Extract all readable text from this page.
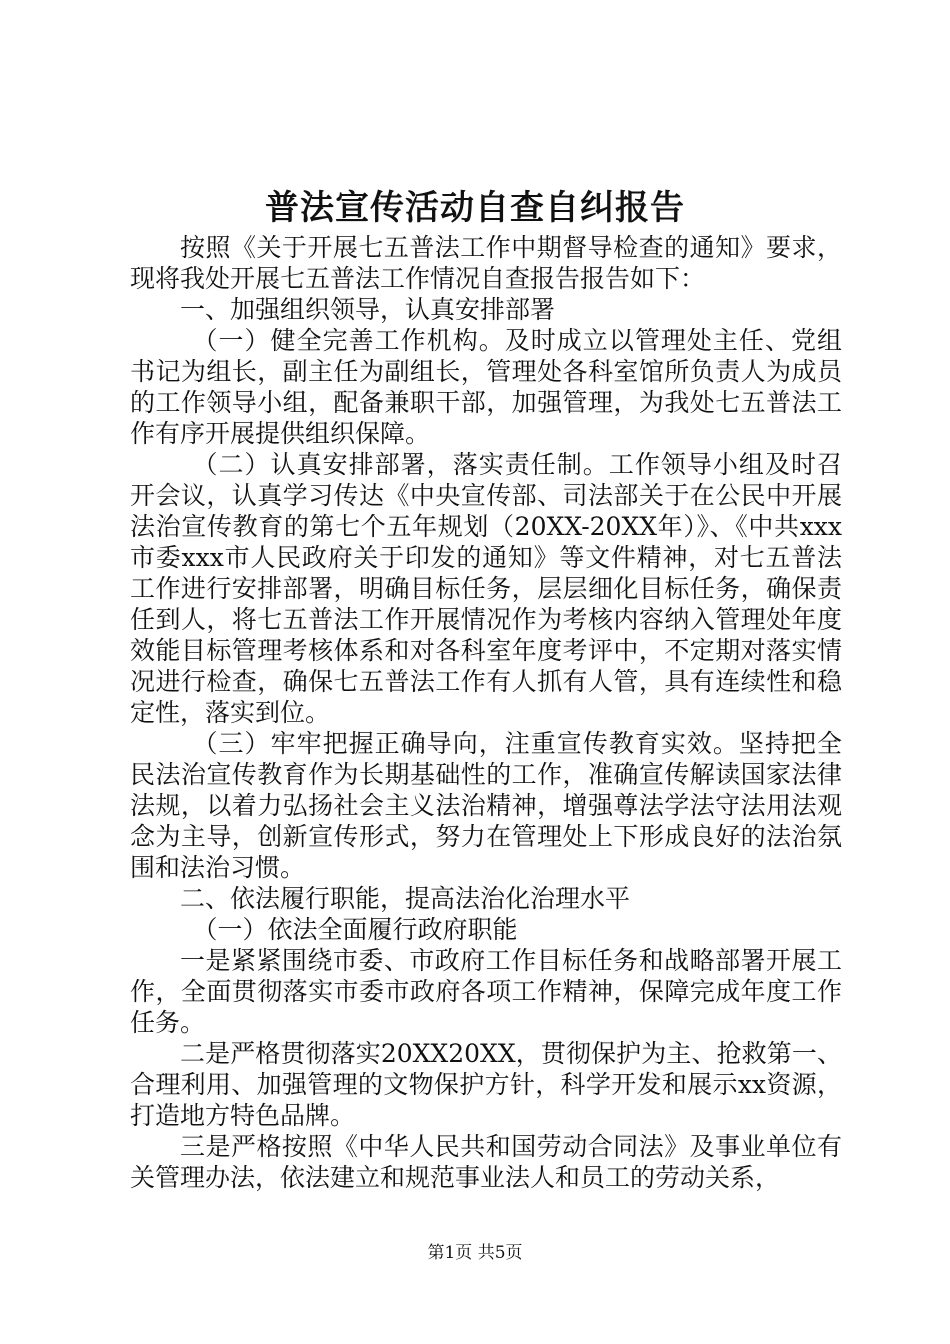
普法宣传活动自查自纠报告

按照《关于开展七五普法工作中期督导检查的通知》要求，现将我处开展七五普法工作情况自查报告报告如下：

一、加强组织领导，认真安排部署

（一）健全完善工作机构。及时成立以管理处主任、党组书记为组长，副主任为副组长，管理处各科室馆所负责人为成员的工作领导小组，配备兼职干部，加强管理，为我处七五普法工作有序开展提供组织保障。

（二）认真安排部署，落实责任制。工作领导小组及时召开会议，认真学习传达《中央宣传部、司法部关于在公民中开展法治宣传教育的第七个五年规划（20XX-20XX年）》、《中共xxx市委xxx市人民政府关于印发的通知》等文件精神，对七五普法工作进行安排部署，明确目标任务，层层细化目标任务，确保责任到人，将七五普法工作开展情况作为考核内容纳入管理处年度效能目标管理考核体系和对各科室年度考评中，不定期对落实情况进行检查，确保七五普法工作有人抓有人管，具有连续性和稳定性，落实到位。

（三）牢牢把握正确导向，注重宣传教育实效。坚持把全民法治宣传教育作为长期基础性的工作，准确宣传解读国家法律法规，以着力弘扬社会主义法治精神，增强尊法学法守法用法观念为主导，创新宣传形式，努力在管理处上下形成良好的法治氛围和法治习惯。

二、依法履行职能，提高法治化治理水平

（一）依法全面履行政府职能

一是紧紧围绕市委、市政府工作目标任务和战略部署开展工作，全面贯彻落实市委市政府各项工作精神，保障完成年度工作任务。

二是严格贯彻落实20XX20XX，贯彻保护为主、抢救第一、合理利用、加强管理的文物保护方针，科学开发和展示xx资源，打造地方特色品牌。

三是严格按照《中华人民共和国劳动合同法》及事业单位有关管理办法，依法建立和规范事业法人和员工的劳动关系，

第1页 共5页
